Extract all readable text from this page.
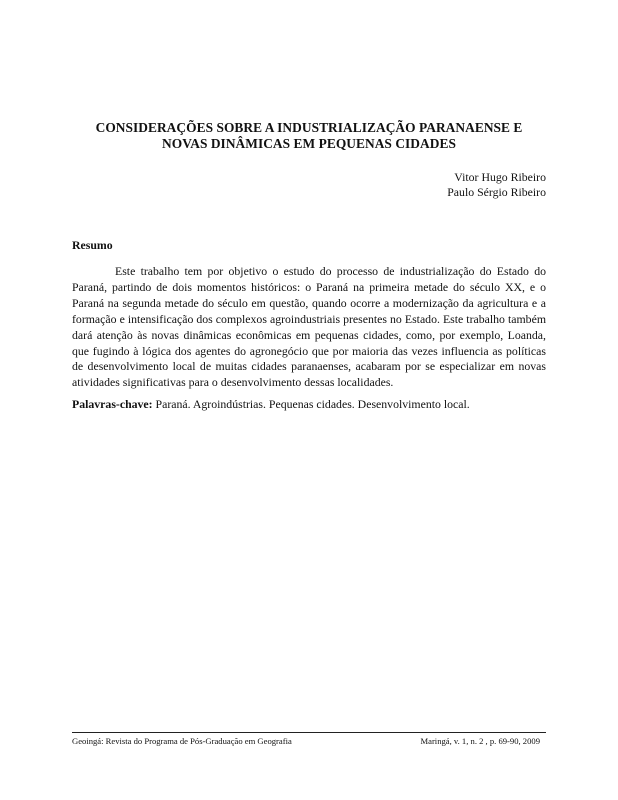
CONSIDERAÇÕES SOBRE A INDUSTRIALIZAÇÃO PARANAENSE E
NOVAS DINÂMICAS EM PEQUENAS CIDADES
Vitor Hugo Ribeiro
Paulo Sérgio Ribeiro
Resumo

Este trabalho tem por objetivo o estudo do processo de industrialização do Estado do Paraná, partindo de dois momentos históricos: o Paraná na primeira metade do século XX, e o Paraná na segunda metade do século em questão, quando ocorre a modernização da agricultura e a formação e intensificação dos complexos agroindustriais presentes no Estado. Este trabalho também dará atenção às novas dinâmicas econômicas em pequenas cidades, como, por exemplo, Loanda, que fugindo à lógica dos agentes do agronegócio que por maioria das vezes influencia as políticas de desenvolvimento local de muitas cidades paranaenses, acabaram por se especializar em novas atividades significativas para o desenvolvimento dessas localidades.

Palavras-chave: Paraná. Agroindústrias. Pequenas cidades. Desenvolvimento local.

Geoingá: Revista do Programa de Pós-Graduação em Geografia	Maringá, v. 1, n. 2 , p. 69-90, 2009
